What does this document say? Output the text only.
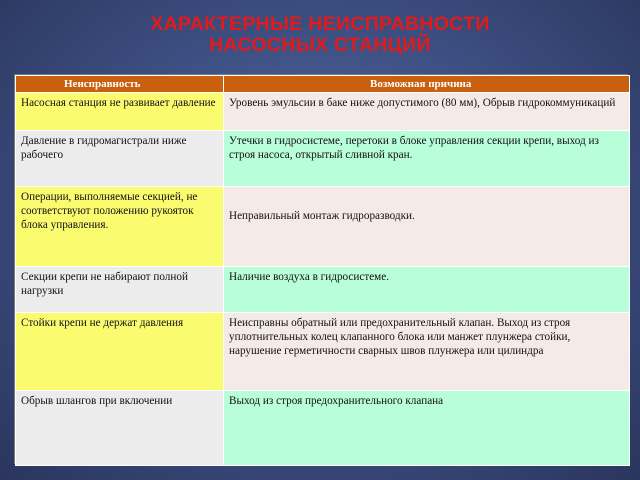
ХАРАКТЕРНЫЕ НЕИСПРАВНОСТИ
НАСОСНЫХ СТАНЦИЙ
Неисправность	Возможная причина
Насосная станция не развивает давление	Уровень эмульсии в баке ниже допустимого (80 мм), Обрыв гидрокоммуникаций
Давление в гидромагистрали ниже рабочего	Утечки в гидросистеме, перетоки в блоке управления секции крепи, выход из строя насоса, открытый сливной кран.
Операции, выполняемые секцией, не соответствуют положению рукояток блока управления.	Неправильный монтаж гидроразводки.
Секции крепи не набирают полной нагрузки	Наличие воздуха в гидросистеме.
Стойки крепи не держат давления	Неисправны обратный или предохранительный клапан. Выход из строя уплотнительных колец клапанного блока или манжет плунжера стойки, нарушение герметичности сварных швов плунжера или цилиндра
Обрыв шлангов при включении	Выход из строя предохранительного клапана
